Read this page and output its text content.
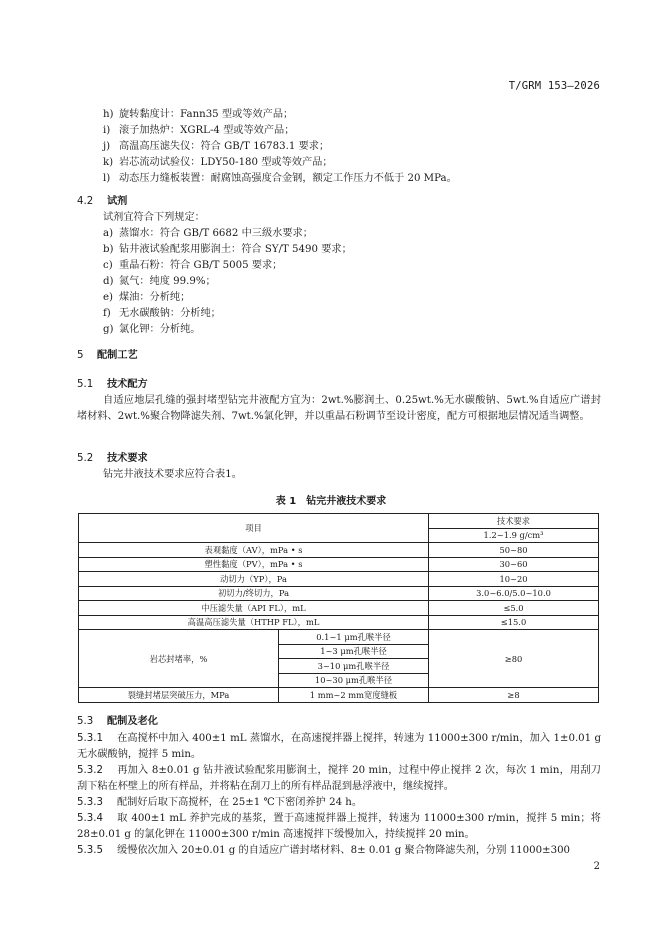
T/GRM 153—2026
h) 旋转黏度计：Fann35 型或等效产品；
i) 滚子加热炉：XGRL-4 型或等效产品；
j) 高温高压滤失仪：符合 GB/T 16783.1 要求；
k) 岩芯流动试验仪：LDY50-180 型或等效产品；
l) 动态压力缝板装置：耐腐蚀高强度合金钢，额定工作压力不低于 20 MPa。
4.2 试剂
试剂宜符合下列规定：
a) 蒸馏水：符合 GB/T 6682 中三级水要求；
b) 钻井液试验配浆用膨润土：符合 SY/T 5490 要求；
c) 重晶石粉：符合 GB/T 5005 要求；
d) 氮气：纯度 99.9%；
e) 煤油：分析纯；
f) 无水碳酸钠：分析纯；
g) 氯化钾：分析纯。
5 配制工艺
5.1 技术配方
自适应地层孔缝的强封堵型钻完井液配方宜为：2wt.%膨润土、0.25wt.%无水碳酸钠、5wt.%自适应广谱封堵材料、2wt.%聚合物降滤失剂、7wt.%氯化钾，并以重晶石粉调节至设计密度，配方可根据地层情况适当调整。
5.2 技术要求
钻完井液技术要求应符合表1。
表 1　钻完井液技术要求
项目		技术要求
		1.2~1.9 g/cm³
表观黏度（AV），mPa • s		50~80
塑性黏度（PV），mPa • s		30~60
动切力（YP），Pa		10~20
初切力/终切力，Pa		3.0~6.0/5.0~10.0
中压滤失量（API FL），mL		≤5.0
高温高压滤失量（HTHP FL），mL		≤15.0
岩芯封堵率，%	0.1~1 μm孔喉半径	≥80
	1~3 μm孔喉半径	
	3~10 μm孔喉半径	
	10~30 μm孔喉半径	
裂缝封堵层突破压力，MPa	1 mm~2 mm宽度缝板	≥8
5.3 配制及老化
5.3.1 在高搅杯中加入 400±1 mL 蒸馏水，在高速搅拌器上搅拌，转速为 11000±300 r/min，加入 1±0.01 g 无水碳酸钠，搅拌 5 min。
5.3.2 再加入 8±0.01 g 钻井液试验配浆用膨润土，搅拌 20 min，过程中停止搅拌 2 次，每次 1 min，用刮刀刮下粘在杯壁上的所有样品，并将粘在刮刀上的所有样品混到悬浮液中，继续搅拌。
5.3.3 配制好后取下高搅杯，在 25±1 ℃下密闭养护 24 h。
5.3.4 取 400±1 mL 养护完成的基浆，置于高速搅拌器上搅拌，转速为 11000±300 r/min，搅拌 5 min；将 28±0.01 g 的氯化钾在 11000±300 r/min 高速搅拌下缓慢加入，持续搅拌 20 min。
5.3.5 缓慢依次加入 20±0.01 g 的自适应广谱封堵材料、8± 0.01 g 聚合物降滤失剂，分别 11000±300
2
